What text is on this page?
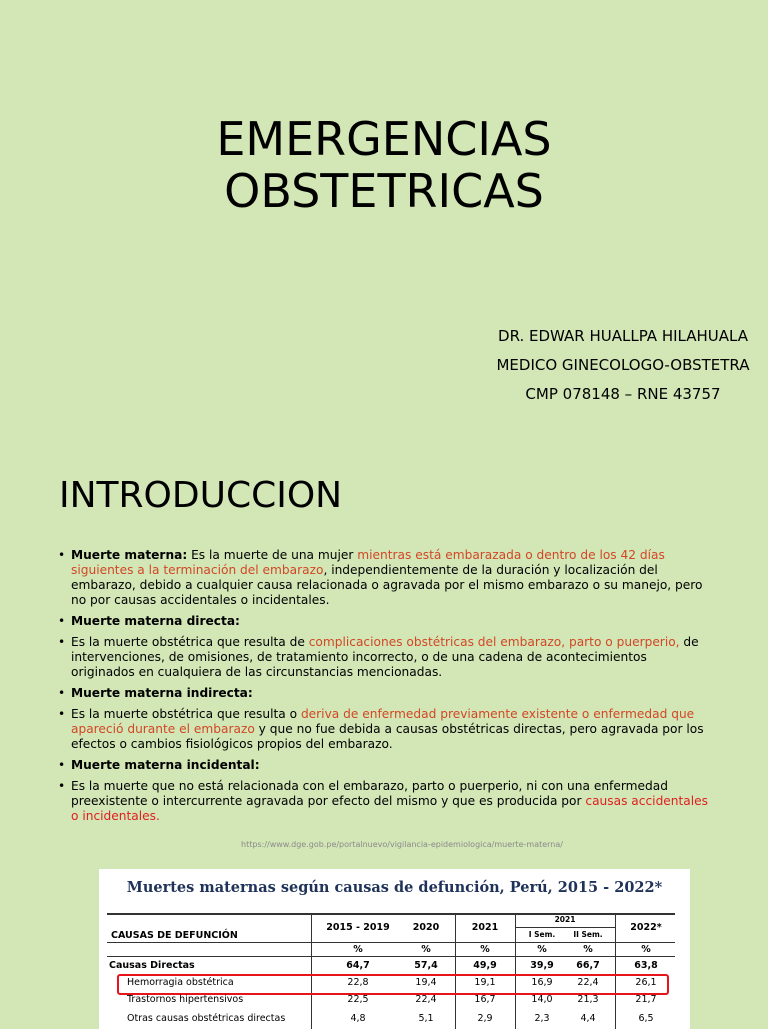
EMERGENCIAS
OBSTETRICAS
DR. EDWAR HUALLPA HILAHUALA
MEDICO GINECOLOGO-OBSTETRA
CMP 078148 – RNE 43757
INTRODUCCION
• Muerte materna: Es la muerte de una mujer mientras está embarazada o dentro de los 42 días siguientes a la terminación del embarazo, independientemente de la duración y localización del embarazo, debido a cualquier causa relacionada o agravada por el mismo embarazo o su manejo, pero no por causas accidentales o incidentales.
• Muerte materna directa:
• Es la muerte obstétrica que resulta de complicaciones obstétricas del embarazo, parto o puerperio, de intervenciones, de omisiones, de tratamiento incorrecto, o de una cadena de acontecimientos originados en cualquiera de las circunstancias mencionadas.
• Muerte materna indirecta:
• Es la muerte obstétrica que resulta o deriva de enfermedad previamente existente o enfermedad que apareció durante el embarazo y que no fue debida a causas obstétricas directas, pero agravada por los efectos o cambios fisiológicos propios del embarazo.
• Muerte materna incidental:
• Es la muerte que no está relacionada con el embarazo, parto o puerperio, ni con una enfermedad preexistente o intercurrente agravada por efecto del mismo y que es producida por causas accidentales o incidentales.
https://www.dge.gob.pe/portalnuevo/vigilancia-epidemiologica/muerte-materna/
Muertes maternas según causas de defunción, Perú, 2015 - 2022*
CAUSAS DE DEFUNCIÓN
2015 - 2019	2020	2021
2021
I Sem.	II Sem.
2022*
%	%	%	%	%	%
Causas Directas	64,7	57,4	49,9	39,9	66,7	63,8
Hemorragia obstétrica	22,8	19,4	19,1	16,9	22,4	26,1
Trastornos hipertensivos	22,5	22,4	16,7	14,0	21,3	21,7
Otras causas obstétricas directas	4,8	5,1	2,9	2,3	4,4	6,5
